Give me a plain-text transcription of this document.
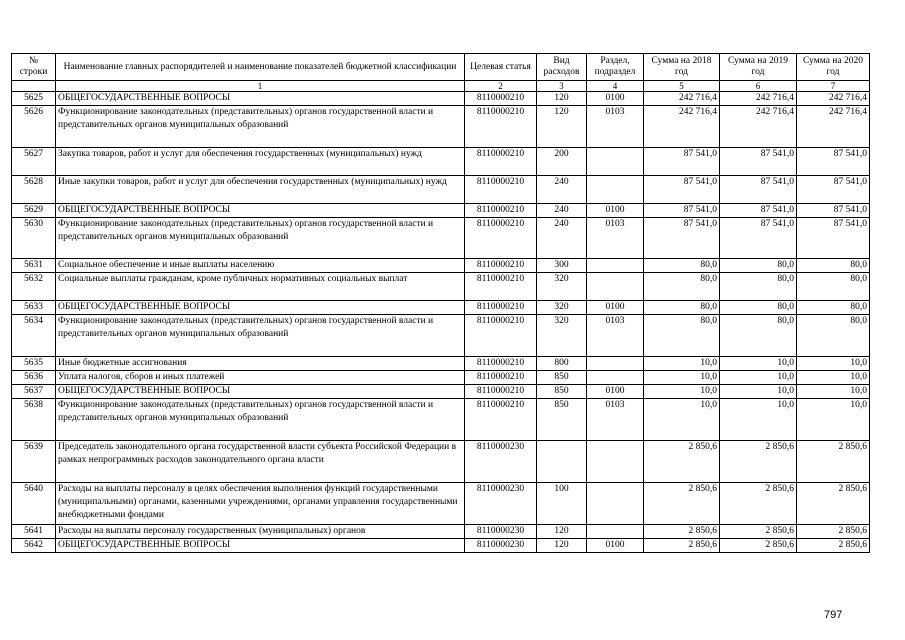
№ строки	Наименование главных распорядителей и наименование показателей бюджетной классификации	Целевая статья	Вид расходов	Раздел, подраздел	Сумма на 2018 год	Сумма на 2019 год	Сумма на 2020 год
	1	2	3	4	5	6	7
5625	ОБЩЕГОСУДАРСТВЕННЫЕ ВОПРОСЫ	8110000210	120	0100	242 716,4	242 716,4	242 716,4
5626	Функционирование законодательных (представительных) органов государственной власти и представительных органов муниципальных образований	8110000210	120	0103	242 716,4	242 716,4	242 716,4
5627	Закупка товаров, работ и услуг для обеспечения государственных (муниципальных) нужд	8110000210	200		87 541,0	87 541,0	87 541,0
5628	Иные закупки товаров, работ и услуг для обеспечения государственных (муниципальных) нужд	8110000210	240		87 541,0	87 541,0	87 541,0
5629	ОБЩЕГОСУДАРСТВЕННЫЕ ВОПРОСЫ	8110000210	240	0100	87 541,0	87 541,0	87 541,0
5630	Функционирование законодательных (представительных) органов государственной власти и представительных органов муниципальных образований	8110000210	240	0103	87 541,0	87 541,0	87 541,0
5631	Социальное обеспечение и иные выплаты населению	8110000210	300		80,0	80,0	80,0
5632	Социальные выплаты гражданам, кроме публичных нормативных социальных выплат	8110000210	320		80,0	80,0	80,0
5633	ОБЩЕГОСУДАРСТВЕННЫЕ ВОПРОСЫ	8110000210	320	0100	80,0	80,0	80,0
5634	Функционирование законодательных (представительных) органов государственной власти и представительных органов муниципальных образований	8110000210	320	0103	80,0	80,0	80,0
5635	Иные бюджетные ассигнования	8110000210	800		10,0	10,0	10,0
5636	Уплата налогов, сборов и иных платежей	8110000210	850		10,0	10,0	10,0
5637	ОБЩЕГОСУДАРСТВЕННЫЕ ВОПРОСЫ	8110000210	850	0100	10,0	10,0	10,0
5638	Функционирование законодательных (представительных) органов государственной власти и представительных органов муниципальных образований	8110000210	850	0103	10,0	10,0	10,0
5639	Председатель законодательного органа государственной власти субъекта Российской Федерации в рамках непрограммных расходов законодательного органа власти	8110000230			2 850,6	2 850,6	2 850,6
5640	Расходы на выплаты персоналу в целях обеспечения выполнения функций государственными (муниципальными) органами, казенными учреждениями, органами управления государственными внебюджетными фондами	8110000230	100		2 850,6	2 850,6	2 850,6
5641	Расходы на выплаты персоналу государственных (муниципальных) органов	8110000230	120		2 850,6	2 850,6	2 850,6
5642	ОБЩЕГОСУДАРСТВЕННЫЕ ВОПРОСЫ	8110000230	120	0100	2 850,6	2 850,6	2 850,6
797
